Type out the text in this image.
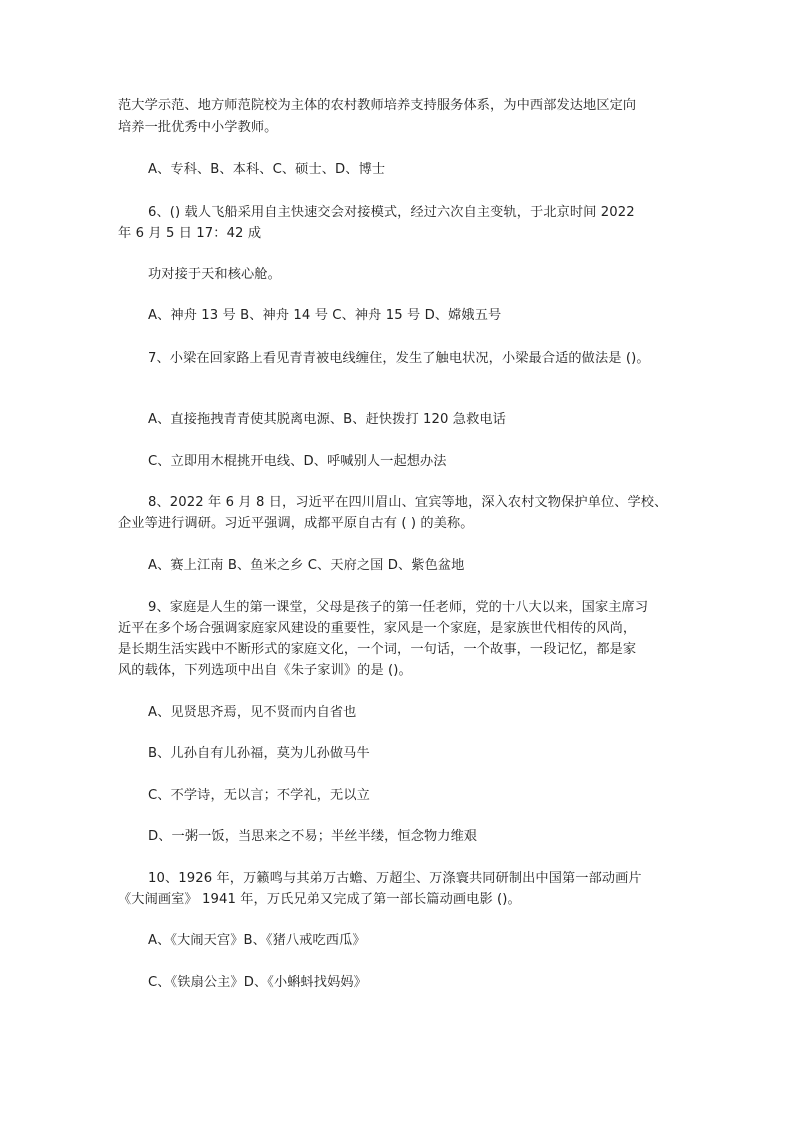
范大学示范、地方师范院校为主体的农村教师培养支持服务体系，为中西部发达地区定向
培养一批优秀中小学教师。
A、专科、B、本科、C、硕士、D、博士
6、() 载人飞船采用自主快速交会对接模式，经过六次自主变轨，于北京时间 2022
年 6 月 5 日 17：42 成
功对接于天和核心舱。
A、神舟 13 号 B、神舟 14 号 C、神舟 15 号 D、嫦娥五号
7、小梁在回家路上看见青青被电线缠住，发生了触电状况，小梁最合适的做法是 ()。
A、直接拖拽青青使其脱离电源、B、赶快拨打 120 急救电话
C、立即用木棍挑开电线、D、呼喊别人一起想办法
8、2022 年 6 月 8 日，习近平在四川眉山、宜宾等地，深入农村文物保护单位、学校、
企业等进行调研。习近平强调，成都平原自古有 ( ) 的美称。
A、赛上江南 B、鱼米之乡 C、天府之国 D、紫色盆地
9、家庭是人生的第一课堂，父母是孩子的第一任老师，党的十八大以来，国家主席习
近平在多个场合强调家庭家风建设的重要性，家风是一个家庭，是家族世代相传的风尚，
是长期生活实践中不断形式的家庭文化，一个词，一句话，一个故事，一段记忆，都是家
风的载体，下列选项中出自《朱子家训》的是 ()。
A、见贤思齐焉，见不贤而内自省也
B、儿孙自有儿孙福，莫为儿孙做马牛
C、不学诗，无以言；不学礼，无以立
D、一粥一饭，当思来之不易；半丝半缕，恒念物力维艰
10、1926 年，万籁鸣与其弟万古蟾、万超尘、万涤寰共同研制出中国第一部动画片
《大闹画室》 1941 年，万氏兄弟又完成了第一部长篇动画电影 ()。
A、《大闹天宫》B、《猪八戒吃西瓜》
C、《铁扇公主》D、《小蝌蚪找妈妈》
